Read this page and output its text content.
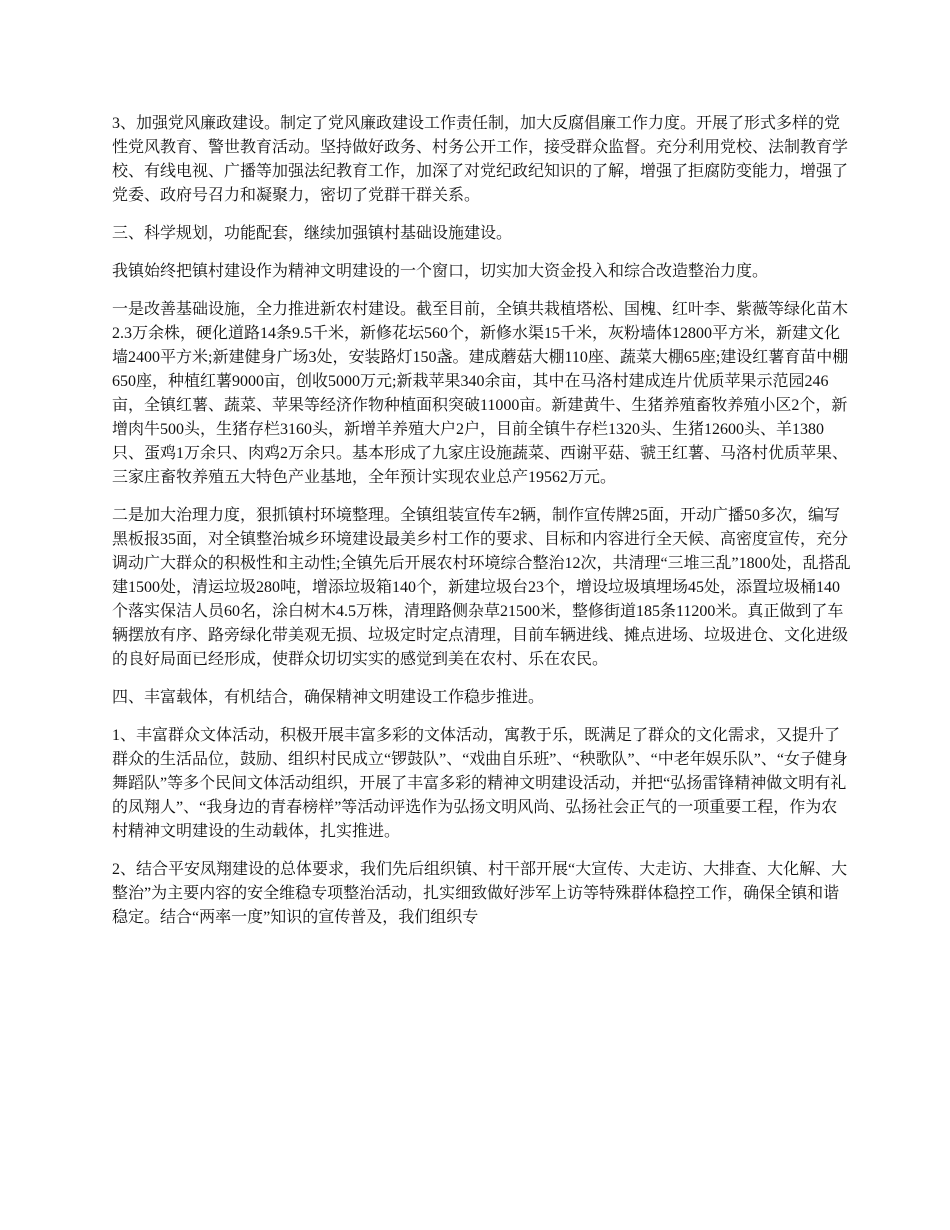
3、加强党风廉政建设。制定了党风廉政建设工作责任制，加大反腐倡廉工作力度。开展了形式多样的党性党风教育、警世教育活动。坚持做好政务、村务公开工作，接受群众监督。充分利用党校、法制教育学校、有线电视、广播等加强法纪教育工作，加深了对党纪政纪知识的了解，增强了拒腐防变能力，增强了党委、政府号召力和凝聚力，密切了党群干群关系。

三、科学规划，功能配套，继续加强镇村基础设施建设。

我镇始终把镇村建设作为精神文明建设的一个窗口，切实加大资金投入和综合改造整治力度。

一是改善基础设施，全力推进新农村建设。截至目前，全镇共栽植塔松、国槐、红叶李、紫薇等绿化苗木2.3万余株，硬化道路14条9.5千米，新修花坛560个，新修水渠15千米，灰粉墙体12800平方米，新建文化墙2400平方米;新建健身广场3处，安装路灯150盏。建成蘑菇大棚110座、蔬菜大棚65座;建设红薯育苗中棚650座，种植红薯9000亩，创收5000万元;新栽苹果340余亩，其中在马洛村建成连片优质苹果示范园246亩，全镇红薯、蔬菜、苹果等经济作物种植面积突破11000亩。新建黄牛、生猪养殖畜牧养殖小区2个，新增肉牛500头，生猪存栏3160头，新增羊养殖大户2户，目前全镇牛存栏1320头、生猪12600头、羊1380只、蛋鸡1万余只、肉鸡2万余只。基本形成了九家庄设施蔬菜、西谢平菇、虢王红薯、马洛村优质苹果、三家庄畜牧养殖五大特色产业基地，全年预计实现农业总产19562万元。

二是加大治理力度，狠抓镇村环境整理。全镇组装宣传车2辆，制作宣传牌25面，开动广播50多次，编写黑板报35面，对全镇整治城乡环境建设最美乡村工作的要求、目标和内容进行全天候、高密度宣传，充分调动广大群众的积极性和主动性;全镇先后开展农村环境综合整治12次，共清理“三堆三乱”1800处，乱搭乱建1500处，清运垃圾280吨，增添垃圾箱140个，新建垃圾台23个，增设垃圾填埋场45处，添置垃圾桶140个落实保洁人员60名，涂白树木4.5万株，清理路侧杂草21500米，整修街道185条11200米。真正做到了车辆摆放有序、路旁绿化带美观无损、垃圾定时定点清理，目前车辆进线、摊点进场、垃圾进仓、文化进级的良好局面已经形成，使群众切切实实的感觉到美在农村、乐在农民。

四、丰富载体，有机结合，确保精神文明建设工作稳步推进。

1、丰富群众文体活动，积极开展丰富多彩的文体活动，寓教于乐，既满足了群众的文化需求，又提升了群众的生活品位，鼓励、组织村民成立“锣鼓队”、“戏曲自乐班”、“秧歌队”、“中老年娱乐队”、“女子健身舞蹈队”等多个民间文体活动组织，开展了丰富多彩的精神文明建设活动，并把“弘扬雷锋精神做文明有礼的凤翔人”、“我身边的青春榜样”等活动评选作为弘扬文明风尚、弘扬社会正气的一项重要工程，作为农村精神文明建设的生动载体，扎实推进。

2、结合平安凤翔建设的总体要求，我们先后组织镇、村干部开展“大宣传、大走访、大排查、大化解、大整治”为主要内容的安全维稳专项整治活动，扎实细致做好涉军上访等特殊群体稳控工作，确保全镇和谐稳定。结合“两率一度”知识的宣传普及，我们组织专
